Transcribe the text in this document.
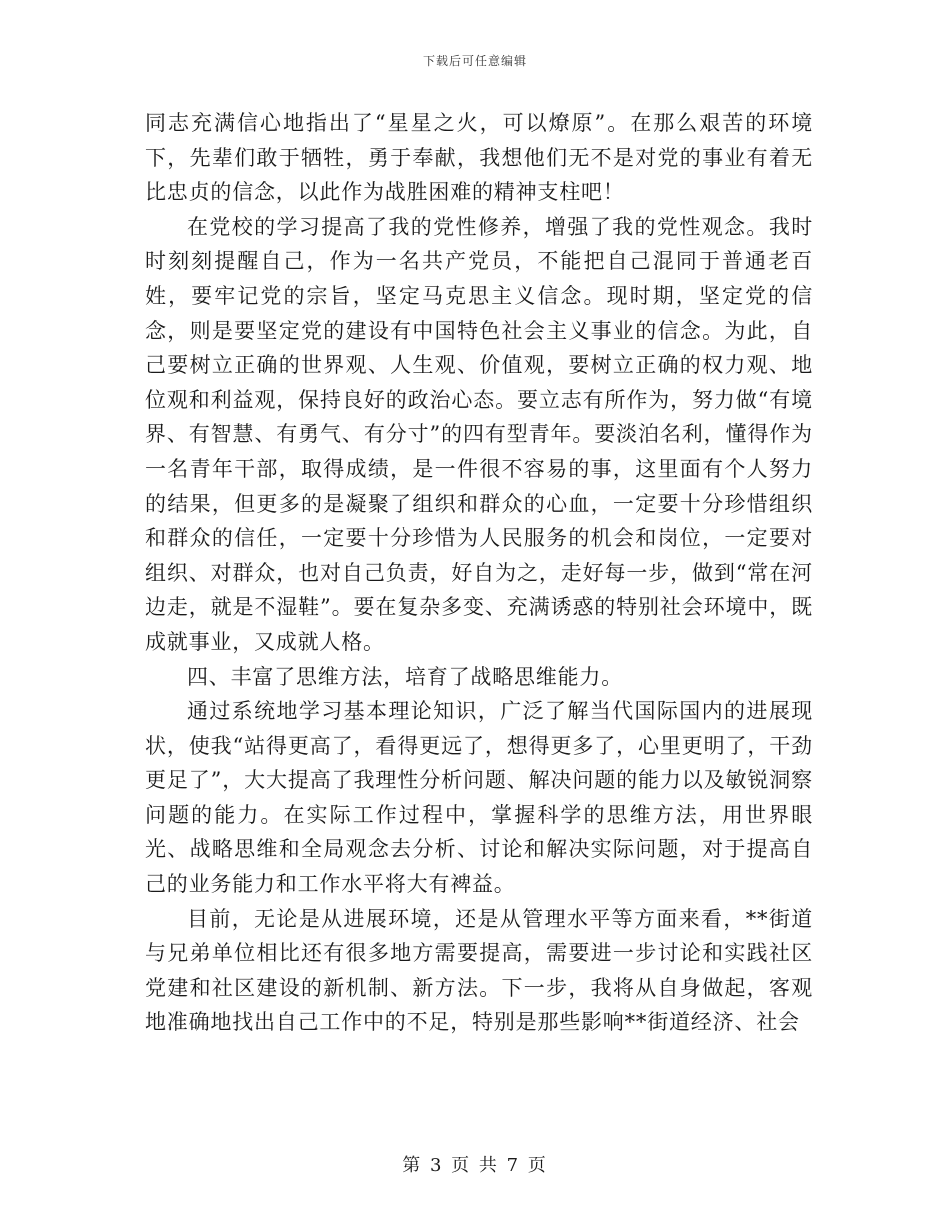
下载后可任意编辑

同志充满信心地指出了“星星之火，可以燎原”。在那么艰苦的环境下，先辈们敢于牺牲，勇于奉献，我想他们无不是对党的事业有着无比忠贞的信念，以此作为战胜困难的精神支柱吧！

在党校的学习提高了我的党性修养，增强了我的党性观念。我时时刻刻提醒自己，作为一名共产党员，不能把自己混同于普通老百姓，要牢记党的宗旨，坚定马克思主义信念。现时期，坚定党的信念，则是要坚定党的建设有中国特色社会主义事业的信念。为此，自己要树立正确的世界观、人生观、价值观，要树立正确的权力观、地位观和利益观，保持良好的政治心态。要立志有所作为，努力做“有境界、有智慧、有勇气、有分寸”的四有型青年。要淡泊名利，懂得作为一名青年干部，取得成绩，是一件很不容易的事，这里面有个人努力的结果，但更多的是凝聚了组织和群众的心血，一定要十分珍惜组织和群众的信任，一定要十分珍惜为人民服务的机会和岗位，一定要对组织、对群众，也对自己负责，好自为之，走好每一步，做到“常在河边走，就是不湿鞋”。要在复杂多变、充满诱惑的特别社会环境中，既成就事业，又成就人格。

四、丰富了思维方法，培育了战略思维能力。

通过系统地学习基本理论知识，广泛了解当代国际国内的进展现状，使我“站得更高了，看得更远了，想得更多了，心里更明了，干劲更足了”，大大提高了我理性分析问题、解决问题的能力以及敏锐洞察问题的能力。在实际工作过程中，掌握科学的思维方法，用世界眼光、战略思维和全局观念去分析、讨论和解决实际问题，对于提高自己的业务能力和工作水平将大有裨益。

目前，无论是从进展环境，还是从管理水平等方面来看，**街道与兄弟单位相比还有很多地方需要提高，需要进一步讨论和实践社区党建和社区建设的新机制、新方法。下一步，我将从自身做起，客观地准确地找出自己工作中的不足，特别是那些影响**街道经济、社会

第 3 页 共 7 页
